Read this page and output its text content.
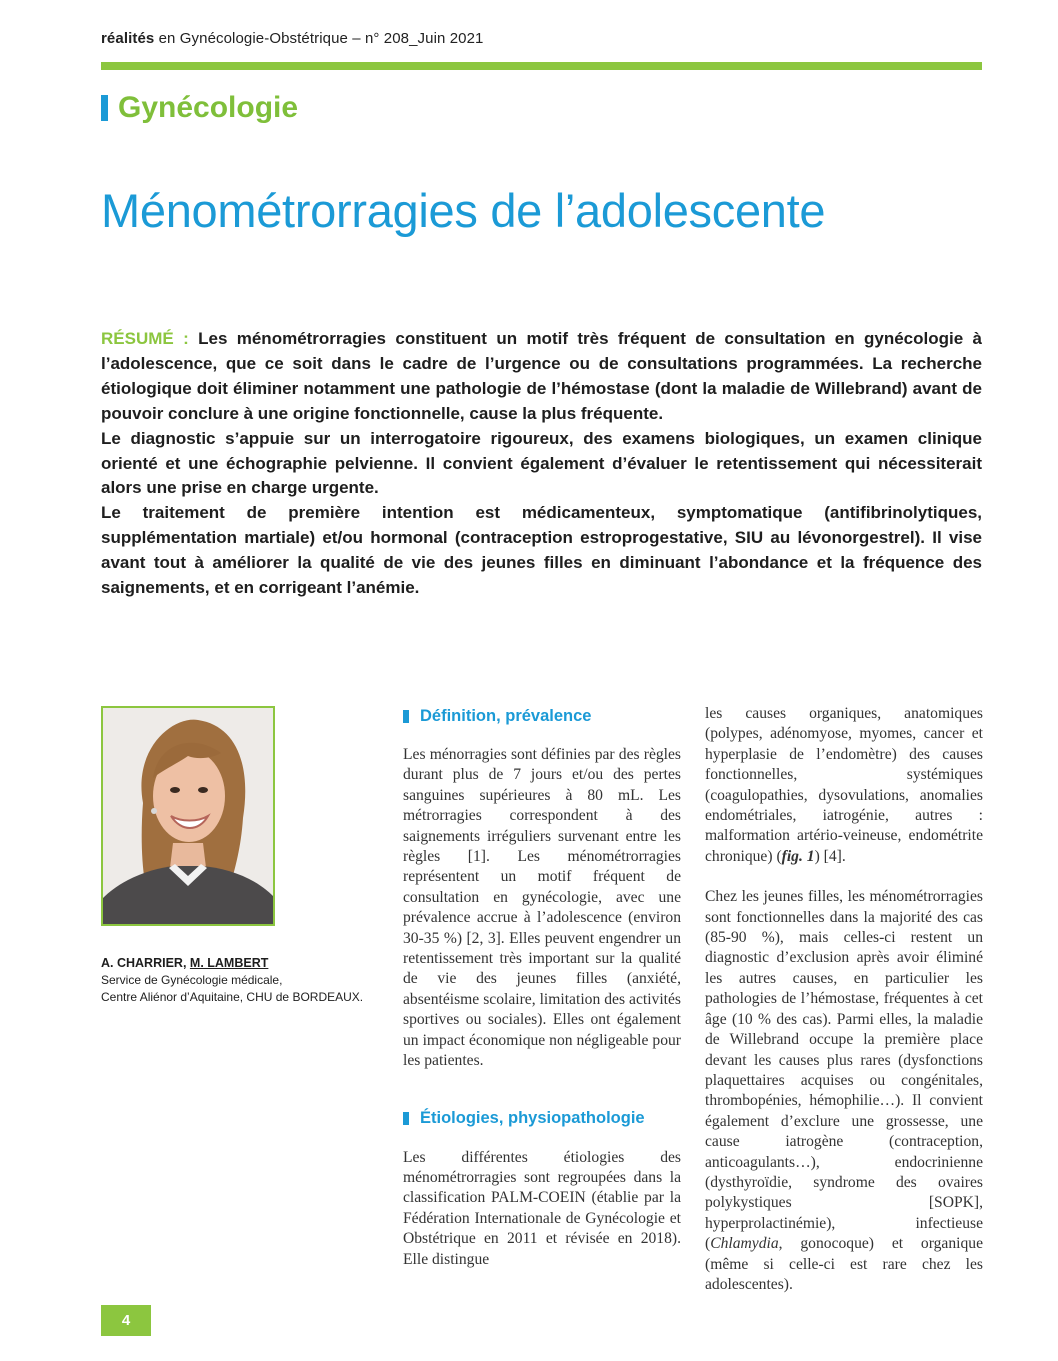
réalités en Gynécologie-Obstétrique – n° 208_Juin 2021
Gynécologie
Ménométrorragies de l’adolescente

RÉSUMÉ : Les ménométrorragies constituent un motif très fréquent de consultation en gynécologie à l’adolescence, que ce soit dans le cadre de l’urgence ou de consultations programmées. La recherche étiologique doit éliminer notamment une pathologie de l’hémostase (dont la maladie de Willebrand) avant de pouvoir conclure à une origine fonctionnelle, cause la plus fréquente.

Le diagnostic s’appuie sur un interrogatoire rigoureux, des examens biologiques, un examen clinique orienté et une échographie pelvienne. Il convient également d’évaluer le retentissement qui nécessiterait alors une prise en charge urgente.

Le traitement de première intention est médicamenteux, symptomatique (antifibrinolytiques, supplémentation martiale) et/ou hormonal (contraception estroprogestative, SIU au lévonorgestrel). Il vise avant tout à améliorer la qualité de vie des jeunes filles en diminuant l’abondance et la fréquence des saignements, et en corrigeant l’anémie.

A. CHARRIER, M. LAMBERT
Service de Gynécologie médicale,
Centre Aliénor d’Aquitaine, CHU de BORDEAUX.
Définition, prévalence

Les ménorragies sont définies par des règles durant plus de 7 jours et/ou des pertes sanguines supérieures à 80 mL. Les métrorragies correspondent à des saignements irréguliers survenant entre les règles [1]. Les ménométrorragies représentent un motif fréquent de consultation en gynécologie, avec une prévalence accrue à l’adolescence (environ 30-35 %) [2, 3]. Elles peuvent engendrer un retentissement très important sur la qualité de vie des jeunes filles (anxiété, absentéisme scolaire, limitation des activités sportives ou sociales). Elles ont également un impact économique non négligeable pour les patientes.

Étiologies, physiopathologie

Les différentes étiologies des ménométrorragies sont regroupées dans la classification PALM-COEIN (établie par la Fédération Internationale de Gynécologie et Obstétrique en 2011 et révisée en 2018). Elle distingue

les causes organiques, anatomiques (polypes, adénomyose, myomes, cancer et hyperplasie de l’endomètre) des causes fonctionnelles, systémiques (coagulopathies, dysovulations, anomalies endométriales, iatrogénie, autres : malformation artério-veineuse, endométrite chronique) (fig. 1) [4].

Chez les jeunes filles, les ménométrorragies sont fonctionnelles dans la majorité des cas (85-90 %), mais celles-ci restent un diagnostic d’exclusion après avoir éliminé les autres causes, en particulier les pathologies de l’hémostase, fréquentes à cet âge (10 % des cas). Parmi elles, la maladie de Willebrand occupe la première place devant les causes plus rares (dysfonctions plaquettaires acquises ou congénitales, thrombopénies, hémophilie…). Il convient également d’exclure une grossesse, une cause iatrogène (contraception, anticoagulants…), endocrinienne (dysthyroïdie, syndrome des ovaires polykystiques [SOPK], hyperprolactinémie), infectieuse (Chlamydia, gonocoque) et organique (même si celle-ci est rare chez les adolescentes).

4
